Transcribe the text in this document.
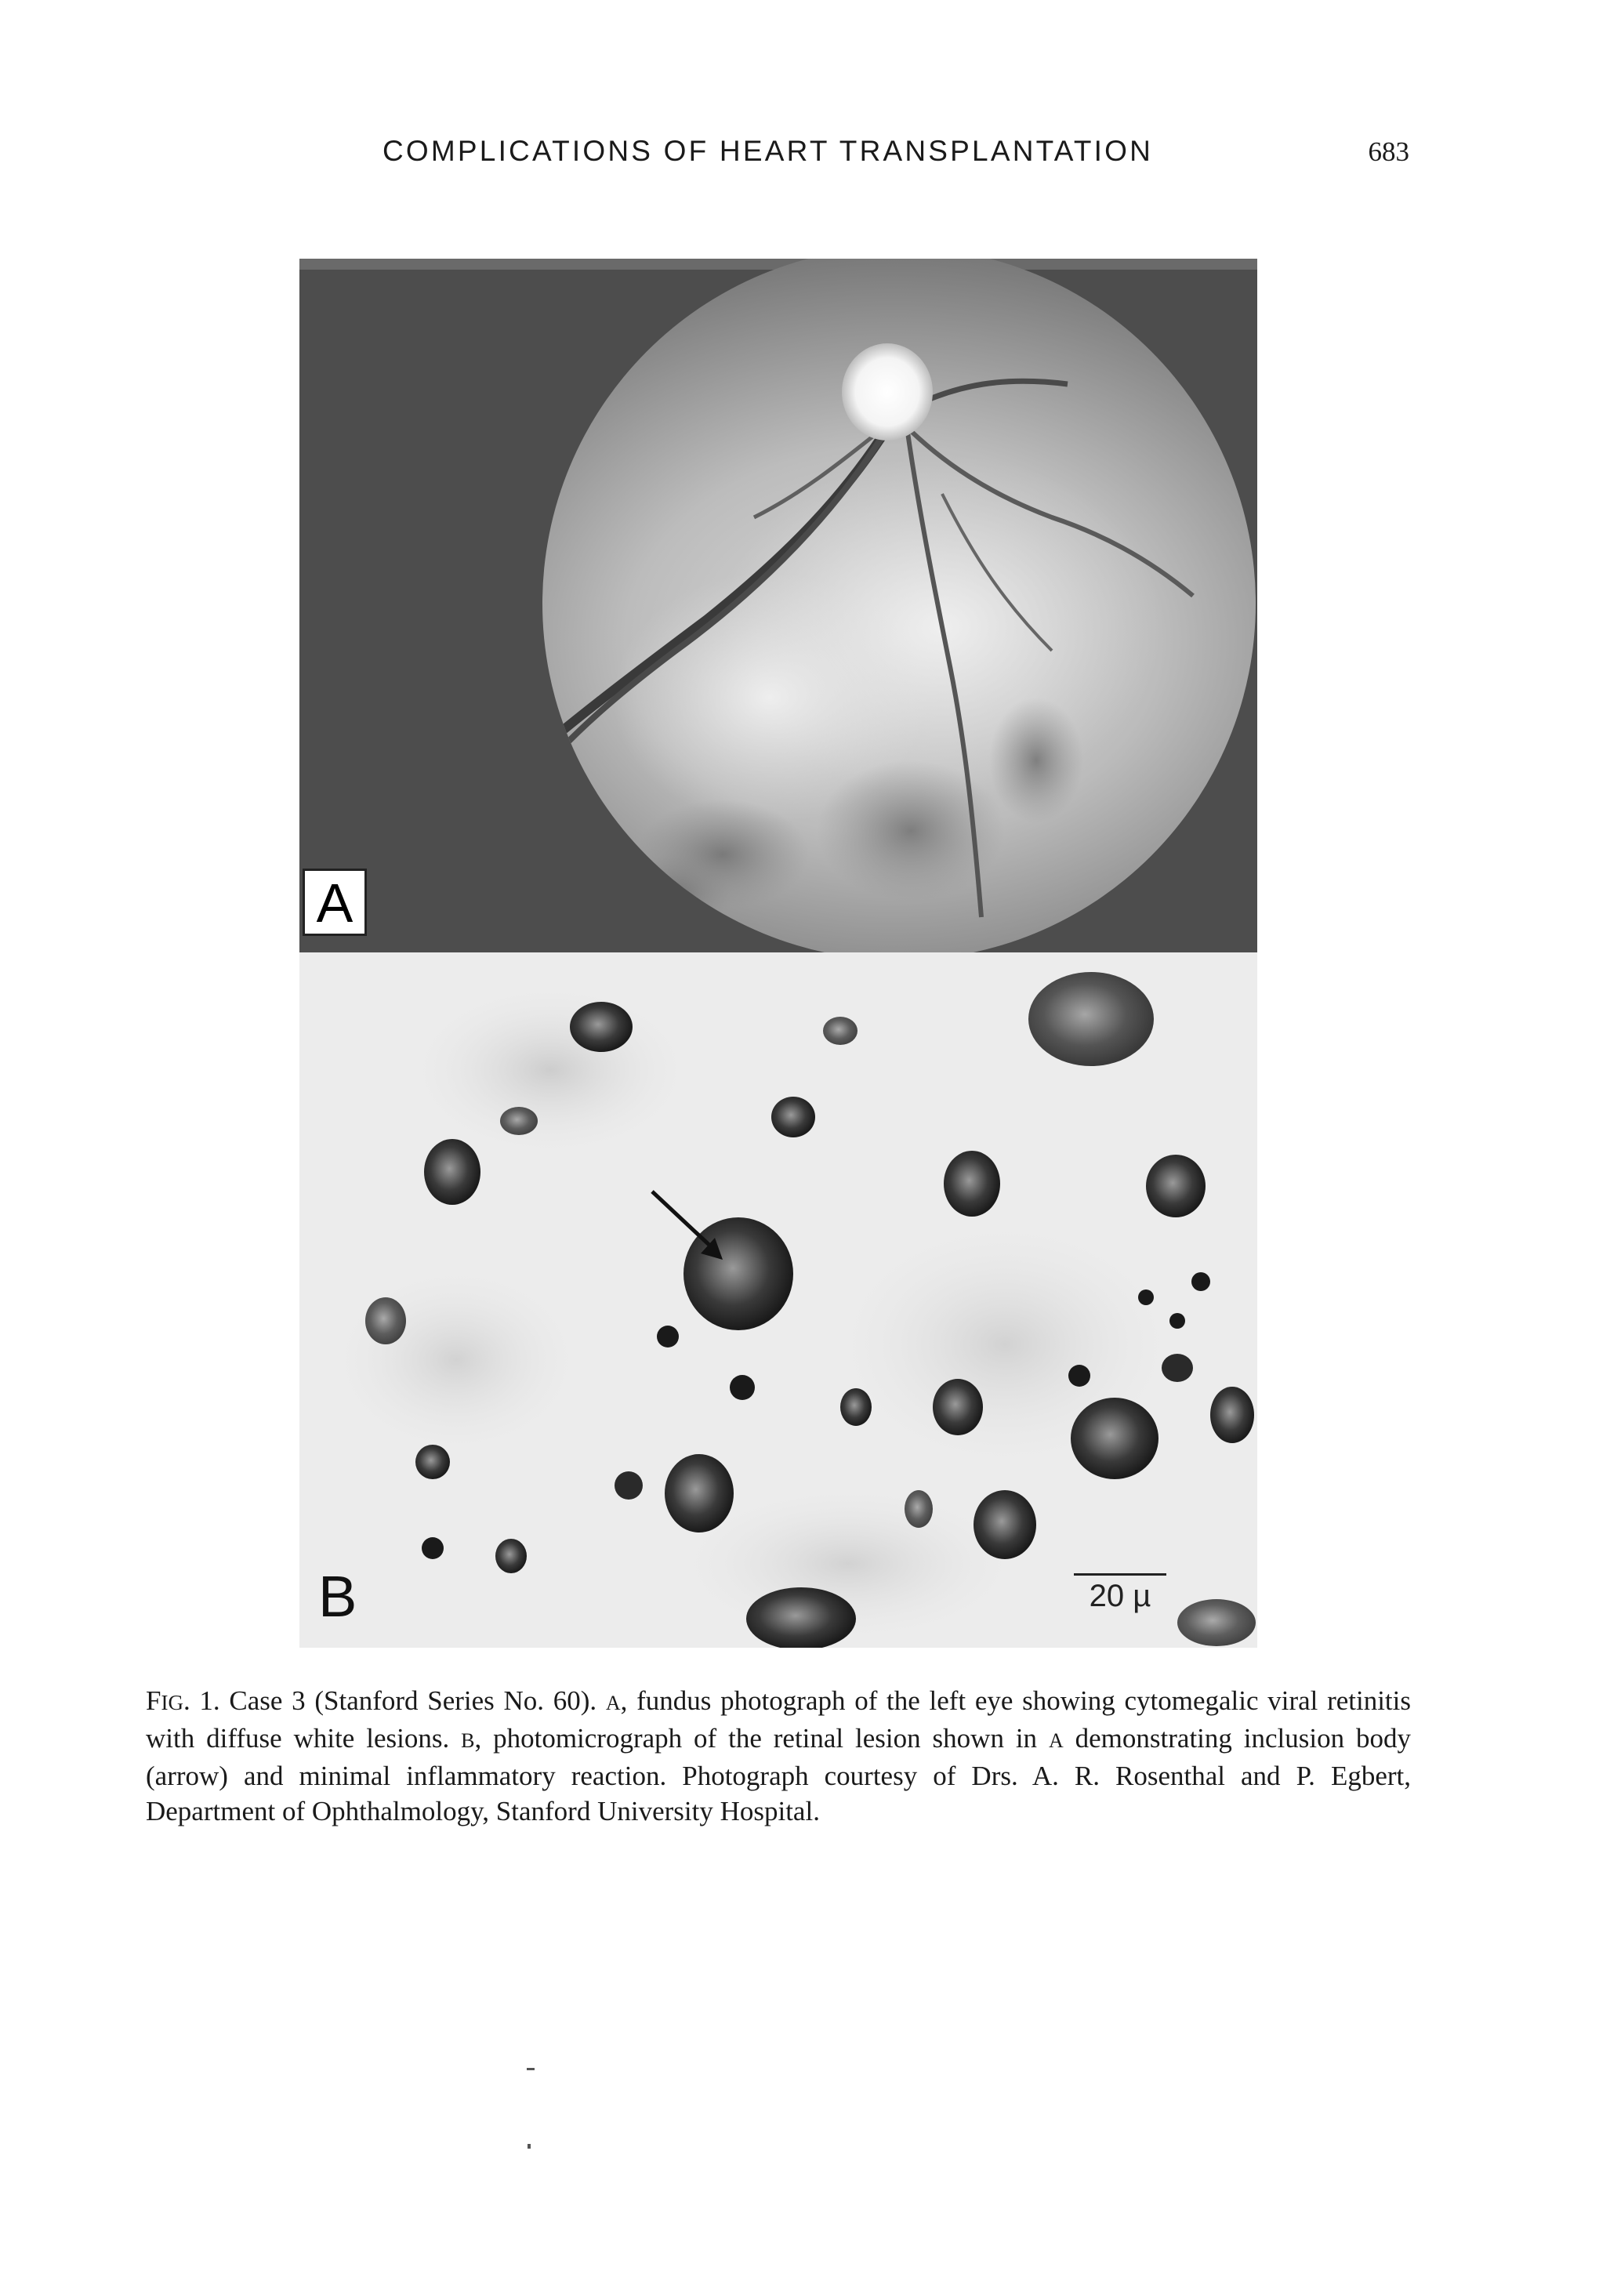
COMPLICATIONS OF HEART TRANSPLANTATION	683
A
B	20 µ
FIG. 1. Case 3 (Stanford Series No. 60). A, fundus photograph of the left eye showing cytomegalic viral retinitis with diffuse white lesions. B, photomicrograph of the retinal lesion shown in A demonstrating inclusion body (arrow) and minimal inflammatory reaction. Photograph courtesy of Drs. A. R. Rosenthal and P. Egbert, Department of Ophthalmology, Stanford University Hospital.
